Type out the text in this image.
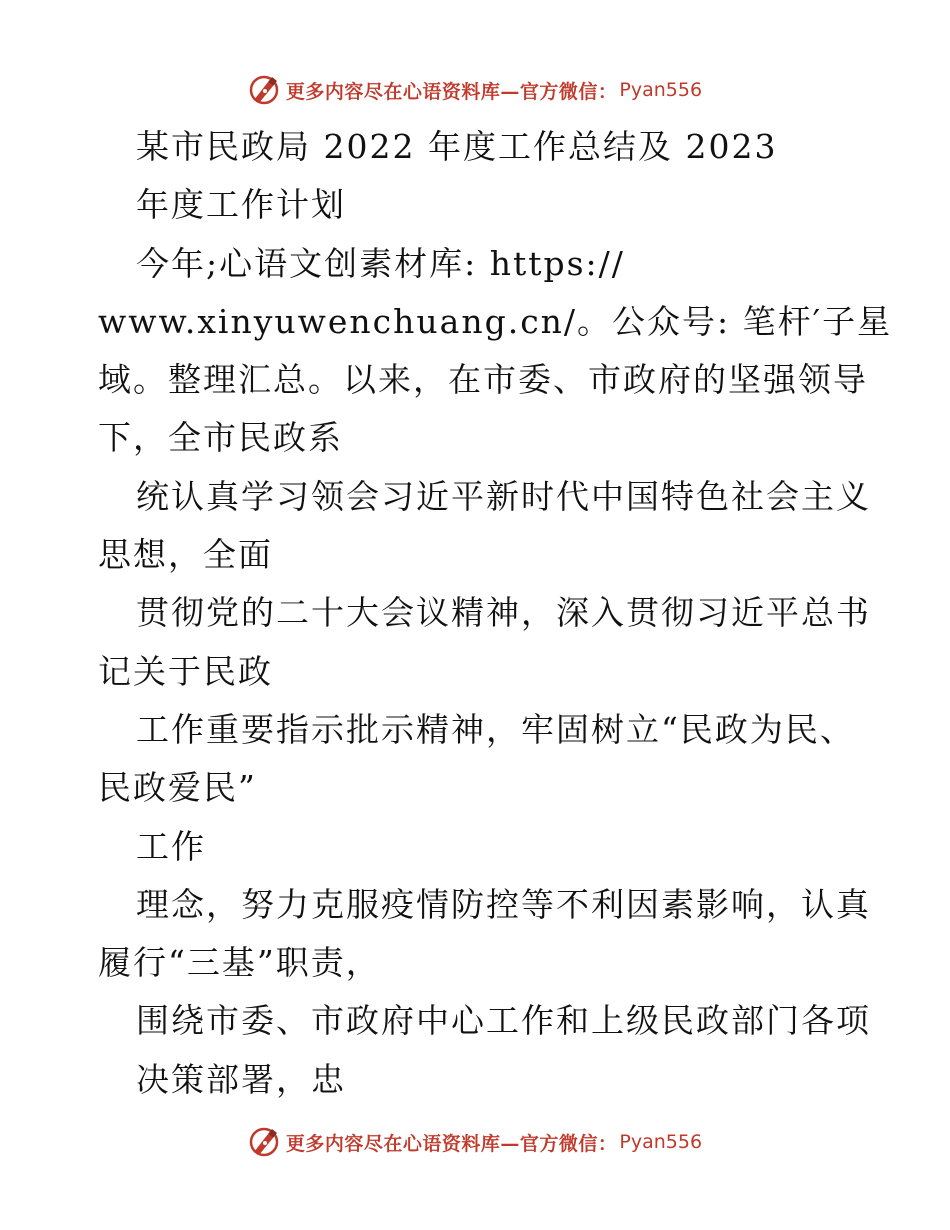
更多内容尽在心语资料库—官方微信： Pyan556
某市民政局 2022 年度工作总结及 2023
年度工作计划
今年;心语文创素材库: https://
www.xinyuwenchuang.cn/。公众号: 笔杆′子星
域。整理汇总。以来，在市委、市政府的坚强领导
下，全市民政系
统认真学习领会习近平新时代中国特色社会主义
思想，全面
贯彻党的二十大会议精神，深入贯彻习近平总书
记关于民政
工作重要指示批示精神，牢固树立“民政为民、
民政爱民”
工作
理念，努力克服疫情防控等不利因素影响，认真
履行“三基”职责，
围绕市委、市政府中心工作和上级民政部门各项
决策部署，忠
更多内容尽在心语资料库—官方微信： Pyan556
